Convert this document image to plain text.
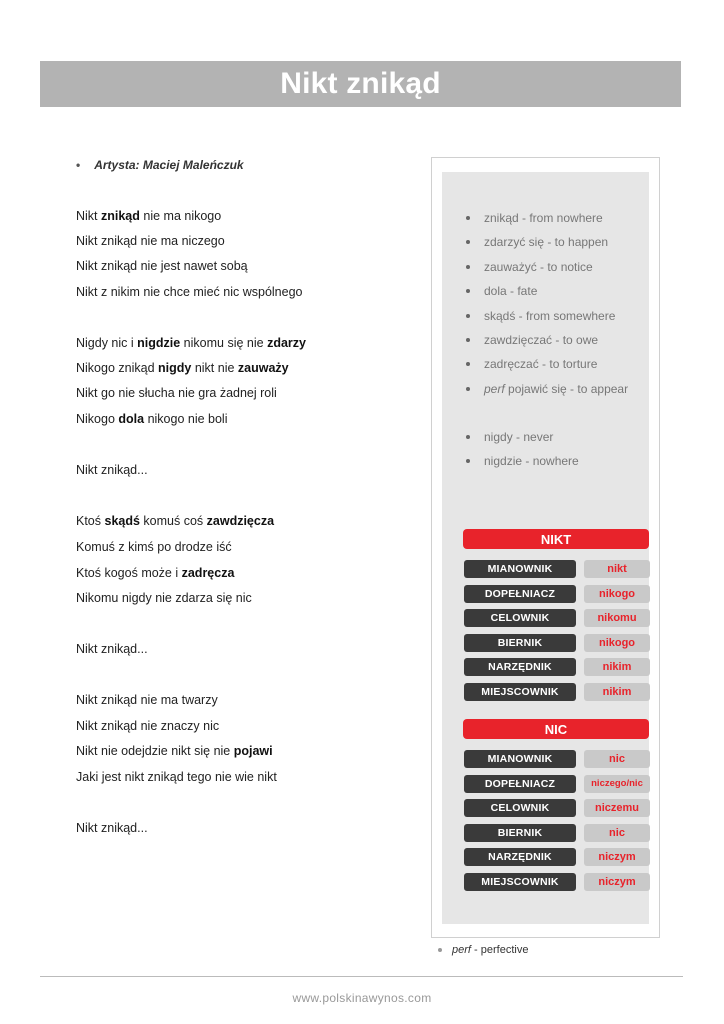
Nikt znikąd
• Artysta: Maciej Maleńczuk
Nikt znikąd nie ma nikogo
Nikt znikąd nie ma niczego
Nikt znikąd nie jest nawet sobą
Nikt z nikim nie chce mieć nic wspólnego
Nigdy nic i nigdzie nikomu się nie zdarzy
Nikogo znikąd nigdy nikt nie zauważy
Nikt go nie słucha nie gra żadnej roli
Nikogo dola nikogo nie boli
Nikt znikąd...
Ktoś skądś komuś coś zawdzięcza
Komuś z kimś po drodze iść
Ktoś kogoś może i zadręcza
Nikomu nigdy nie zdarza się nic
Nikt znikąd...
Nikt znikąd nie ma twarzy
Nikt znikąd nie znaczy nic
Nikt nie odejdzie nikt się nie pojawi
Jaki jest nikt znikąd tego nie wie nikt
Nikt znikąd...
znikąd - from nowhere
zdarzyć się - to happen
zauważyć - to notice
dola - fate
skądś - from somewhere
zawdzięczać - to owe
zadręczać - to torture
perf pojawić się - to appear
nigdy - never
nigdzie - nowhere
NIKT
MIANOWNIK	nikt
DOPEŁNIACZ	nikogo
CELOWNIK	nikomu
BIERNIK	nikogo
NARZĘDNIK	nikim
MIEJSCOWNIK	nikim
NIC
MIANOWNIK	nic
DOPEŁNIACZ	niczego/nic
CELOWNIK	niczemu
BIERNIK	nic
NARZĘDNIK	niczym
MIEJSCOWNIK	niczym
perf - perfective
www.polskinawynos.com
